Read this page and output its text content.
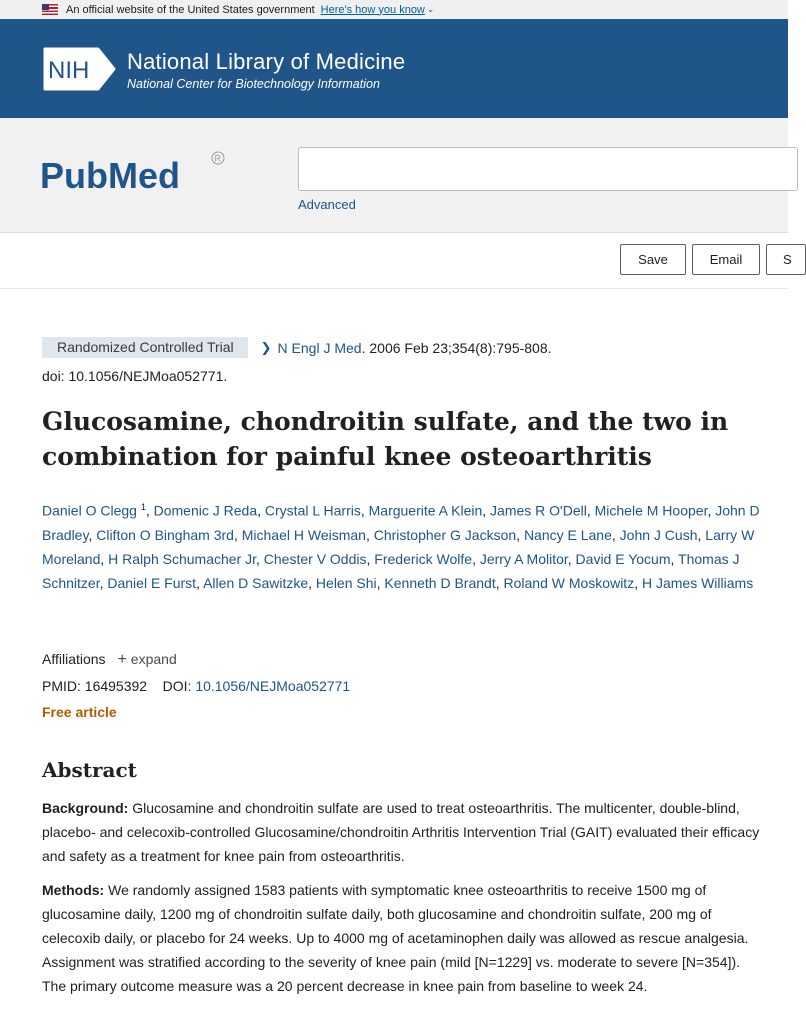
An official website of the United States government Here's how you know ⌄
NIH National Library of Medicine
National Center for Biotechnology Information
PubMed	R
Advanced
Save	Email	S
Randomized Controlled Trial	❯ N Engl J Med . 2006 Feb 23;354(8):795-808.
doi: 10.1056/NEJMoa052771.
Glucosamine, chondroitin sulfate, and the two in combination for painful knee osteoarthritis
Daniel O Clegg $^1$, Domenic J Reda, Crystal L Harris, Marguerite A Klein, James R O'Dell, Michele M Hooper, John D Bradley, Clifton O Bingham 3rd, Michael H Weisman, Christopher G Jackson, Nancy E Lane, John J Cush, Larry W Moreland, H Ralph Schumacher Jr, Chester V Oddis, Frederick Wolfe, Jerry A Molitor, David E Yocum, Thomas J Schnitzer, Daniel E Furst, Allen D Sawitzke, Helen Shi, Kenneth D Brandt, Roland W Moskowitz, H James Williams
Affiliations + expand
PMID: 16495392 DOI: 10.1056/NEJMoa052771
Free article
Abstract

Background: Glucosamine and chondroitin sulfate are used to treat osteoarthritis. The multicenter, double-blind, placebo- and celecoxib-controlled Glucosamine/chondroitin Arthritis Intervention Trial (GAIT) evaluated their efficacy and safety as a treatment for knee pain from osteoarthritis.

Methods: We randomly assigned 1583 patients with symptomatic knee osteoarthritis to receive 1500 mg of glucosamine daily, 1200 mg of chondroitin sulfate daily, both glucosamine and chondroitin sulfate, 200 mg of celecoxib daily, or placebo for 24 weeks. Up to 4000 mg of acetaminophen daily was allowed as rescue analgesia. Assignment was stratified according to the severity of knee pain (mild [N=1229] vs. moderate to severe [N=354]). The primary outcome measure was a 20 percent decrease in knee pain from baseline to week 24.
